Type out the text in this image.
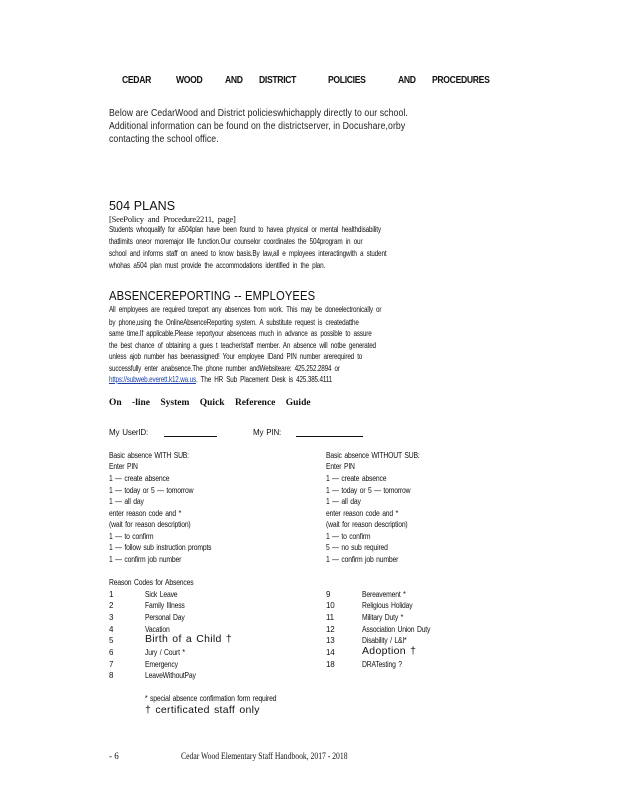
CEDAR WOOD AND DISTRICT	POLICIES	AND PROCEDURES
Below are CedarWood and District policieswhichapply directly to our school.
Additional information can be found on the districtserver, in Docushare,orby
contacting the school office.
504 PLANS
[SeePolicy and Procedure2211, page]
Students whoqualify for a504plan have been found to havea physical or mental healthdisability
thatlimits oneor moremajor life function.Our counselor coordinates the 504program in our
school and informs staff on aneed to know basis.By law,all e mployees interactingwith a student
whohas a504 plan must provide the accommodations identified in the plan.
ABSENCEREPORTING -- EMPLOYEES
All employees are required toreport any absences from work. This may be doneelectronically or
by phone,using the OnlineAbsenceReporting system. A substitute request is createdatthe
same time.If applicable.Please reportyour absenceas much in advance as possible to assure
the best chance of obtaining a gues t teacher/staff member. An absence will notbe generated
unless ajob number has beenassigned! Your employee IDand PIN number arerequired to
successfully enter anabsence.The phone number andWebsiteare: 425.252.2894 or
https://subweb.everett.k12.wa.us. The HR Sub Placement Desk is 425.385.4111
On -line System Quick Reference Guide
My UserID:	My PIN:
Basic absence WITH SUB:
Enter PIN
1 — create absence
1 — today or 5 — tomorrow
1 — all day
enter reason code and *
(wait for reason description)
1 — to confirm
1 — follow sub instruction prompts
1 — confirm job number
Basic absence WITHOUT SUB:
Enter PIN
1 — create absence
1 — today or 5 — tomorrow
1 — all day
enter reason code and *
(wait for reason description)
1 — to confirm
5 — no sub required
1 — confirm job number
Reason Codes for Absences
1	Sick Leave
2	Family Illness
3	Personal Day
4	Vacation
5	Birth of a Child †
6	Jury / Court *
7	Emergency
8	LeaveWithoutPay
9	Bereavement *
10	Religious Holiday
11	Military Duty *
12	Association Union Duty
13	Disability / L&I*
14	Adoption †
18	DRATesting ?
* special absence confirmation form required
† certificated staff only
- 6	Cedar Wood Elementary Staff Handbook, 2017 - 2018
